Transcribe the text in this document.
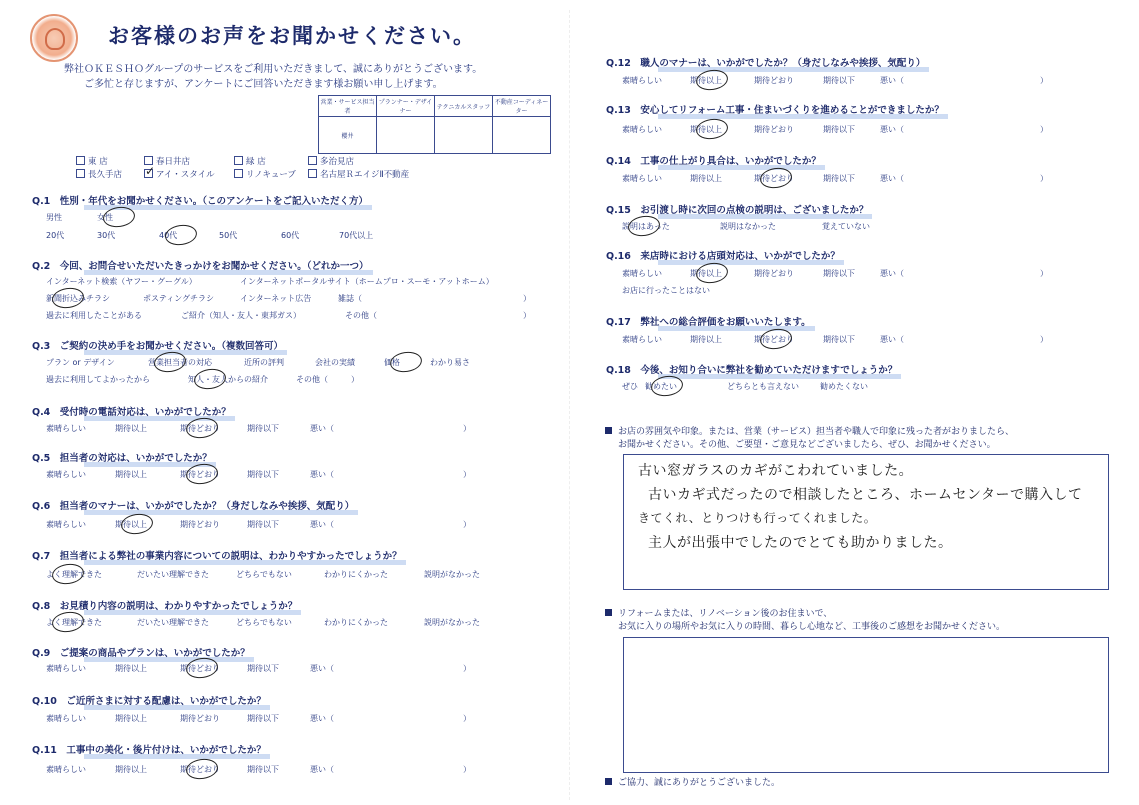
お客様のお声をお聞かせください。
弊社ＯＫＥＳＨＯグループのサービスをご利用いただきまして、誠にありがとうございます。
ご多忙と存じますが、アンケートにご回答いただきます様お願い申し上げます。
営業・サービス担当者	プランナー・デザイナー	テクニカルスタッフ	不動産コーディネーター
櫻井			
東 店	春日井店	緑 店	多治見店
長久手店	アイ・スタイル	リノキューブ	名古屋ＲエイジⅡ不動産
✓
Q.1　性別・年代をお聞かせください。（このアンケートをご記入いただく方）
男性	女性
20代	30代	40代	50代	60代	70代以上
Q.2　今回、お問合せいただいたきっかけをお聞かせください。（どれか一つ）
インターネット検索（ヤフー・グーグル）	インターネットポータルサイト（ホームプロ・スーモ・アットホーム）
新聞折込みチラシ	ポスティングチラシ	インターネット広告	雑誌（	）
過去に利用したことがある	ご紹介（知人・友人・東邦ガス）	その他（	）
Q.3　ご契約の決め手をお聞かせください。（複数回答可）
プラン or デザイン	営業担当者の対応	近所の評判	会社の実績	価格	わかり易さ
過去に利用してよかったから	知人・友人からの紹介	その他（	）
Q.4　受付時の電話対応は、いかがでしたか？
素晴らしい	期待以上	期待どおり	期待以下	悪い（	）
Q.5　担当者の対応は、いかがでしたか？
素晴らしい	期待以上	期待どおり	期待以下	悪い（	）
Q.6　担当者のマナーは、いかがでしたか？（身だしなみや挨拶、気配り）
素晴らしい	期待以上	期待どおり	期待以下	悪い（	）
Q.7　担当者による弊社の事業内容についての説明は、わかりやすかったでしょうか？
よく理解できた	だいたい理解できた	どちらでもない	わかりにくかった	説明がなかった
Q.8　お見積り内容の説明は、わかりやすかったでしょうか？
よく理解できた	だいたい理解できた	どちらでもない	わかりにくかった	説明がなかった
Q.9　ご提案の商品やプランは、いかがでしたか？
素晴らしい	期待以上	期待どおり	期待以下	悪い（	）
Q.10　ご近所さまに対する配慮は、いかがでしたか？
素晴らしい	期待以上	期待どおり	期待以下	悪い（	）
Q.11　工事中の美化・後片付けは、いかがでしたか？
素晴らしい	期待以上	期待どおり	期待以下	悪い（	）
Q.12　職人のマナーは、いかがでしたか？（身だしなみや挨拶、気配り）
素晴らしい	期待以上	期待どおり	期待以下	悪い（	）
Q.13　安心してリフォーム工事・住まいづくりを進めることができましたか？
素晴らしい	期待以上	期待どおり	期待以下	悪い（	）
Q.14　工事の仕上がり具合は、いかがでしたか？
素晴らしい	期待以上	期待どおり	期待以下	悪い（	）
Q.15　お引渡し時に次回の点検の説明は、ございましたか？
説明はあった	説明はなかった	覚えていない
Q.16　来店時における店頭対応は、いかがでしたか？
素晴らしい	期待以上	期待どおり	期待以下	悪い（	）
お店に行ったことはない
Q.17　弊社への総合評価をお願いいたします。
素晴らしい	期待以上	期待どおり	期待以下	悪い（	）
Q.18　今後、お知り合いに弊社を勧めていただけますでしょうか？
ぜひ 勧めたい	どちらとも言えない	勧めたくない
お店の雰囲気や印象。または、営業（サービス）担当者や職人で印象に残った者がおりましたら、
お聞かせください。その他、ご要望・ご意見などございましたら、ぜひ、お聞かせください。
古い窓ガラスのカギがこわれていました。
古いカギ式だったので相談したところ、ホームセンターで購入して
きてくれ、とりつけも行ってくれました。
主人が出張中でしたのでとても助かりました。
リフォームまたは、リノベーション後のお住まいで、
お気に入りの場所やお気に入りの時間、暮らし心地など、工事後のご感想をお聞かせください。
ご協力、誠にありがとうございました。
